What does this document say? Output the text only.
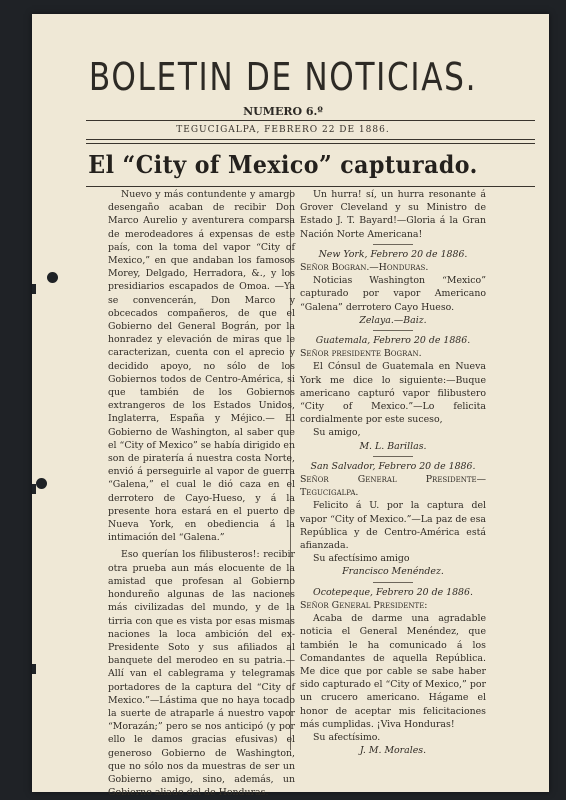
BOLETIN DE NOTICIAS.
NUMERO 6.º
TEGUCIGALPA, FEBRERO 22 DE 1886.
El “City of Mexico” capturado.

Nuevo y más contundente y amargo desengaño acaban de recibir Don Marco Aurelio y aventurera comparsa de merodeadores á expensas de este país, con la toma del vapor “City of Mexico,” en que andaban los famosos Morey, Delgado, Herradora, &., y los presidiarios escapados de Omoa. —Ya se convencerán, Don Marco y obcecados compañeros, de que el Gobierno del General Bográn, por la honradez y elevación de miras que le caracterizan, cuenta con el aprecio y decidido apoyo, no sólo de los Gobiernos todos de Centro-América, si que también de los Gobiernos extrangeros de los Estados Unidos, Inglaterra, España y Méjico.— El Gobierno de Washington, al saber que el “City of Mexico” se había dirigido en son de piratería á nuestra costa Norte, envió á perseguirle al vapor de guerra “Galena,” el cual le dió caza en el derrotero de Cayo-Hueso, y á la presente hora estará en el puerto de Nueva York, en obediencia á la intimación del “Galena.”

Eso querían los filibusteros!: recibir otra prueba aun más elocuente de la amistad que profesan al Gobierno hondureño algunas de las naciones más civilizadas del mundo, y de la tirria con que es vista por esas mismas naciones la loca ambición del ex-Presidente Soto y sus afiliados al banquete del merodeo en su patria.—Allí van el cablegrama y telegramas portadores de la captura del “City of Mexico.”—Lástima que no haya tocado la suerte de atraparle á nuestro vapor “Morazán;” pero se nos anticipó (y por ello le damos gracias efusivas) el generoso Gobierno de Washington, que no sólo nos da muestras de ser un Gobierno amigo, sino, además, un Gobierno aliado del de Honduras.

Un hurra! sí, un hurra resonante á Grover Cleveland y su Ministro de Estado J. T. Bayard!—Gloria á la Gran Nación Norte Americana!

New York, Febrero 20 de 1886.

Señor Bogran.—Honduras.

Noticias Washington “Mexico” capturado por vapor Americano “Galena” derrotero Cayo Hueso.

Zelaya.—Baiz.

Guatemala, Febrero 20 de 1886.

Señor presidente Bogran.

El Cónsul de Guatemala en Nueva York me dice lo siguiente:—Buque americano capturó vapor filibustero “City of Mexico.”—Lo felicita cordialmente por este suceso,

Su amigo,

M. L. Barillas.

San Salvador, Febrero 20 de 1886.

Señor General Presidente—Tegucigalpa.

Felicito á U. por la captura del vapor “City of Mexico.”—La paz de esa República y de Centro-América está afianzada.

Su afectísimo amigo

Francisco Menéndez.

Ocotepeque, Febrero 20 de 1886.

Señor General Presidente:

Acaba de darme una agradable noticia el General Menéndez, que también le ha comunicado á los Comandantes de aquella República. Me dice que por cable se sabe haber sido capturado el “City of Mexico,” por un crucero americano. Hágame el honor de aceptar mis felicitaciones más cumplidas. ¡Viva Honduras!

Su afectísimo.

J. M. Morales.
